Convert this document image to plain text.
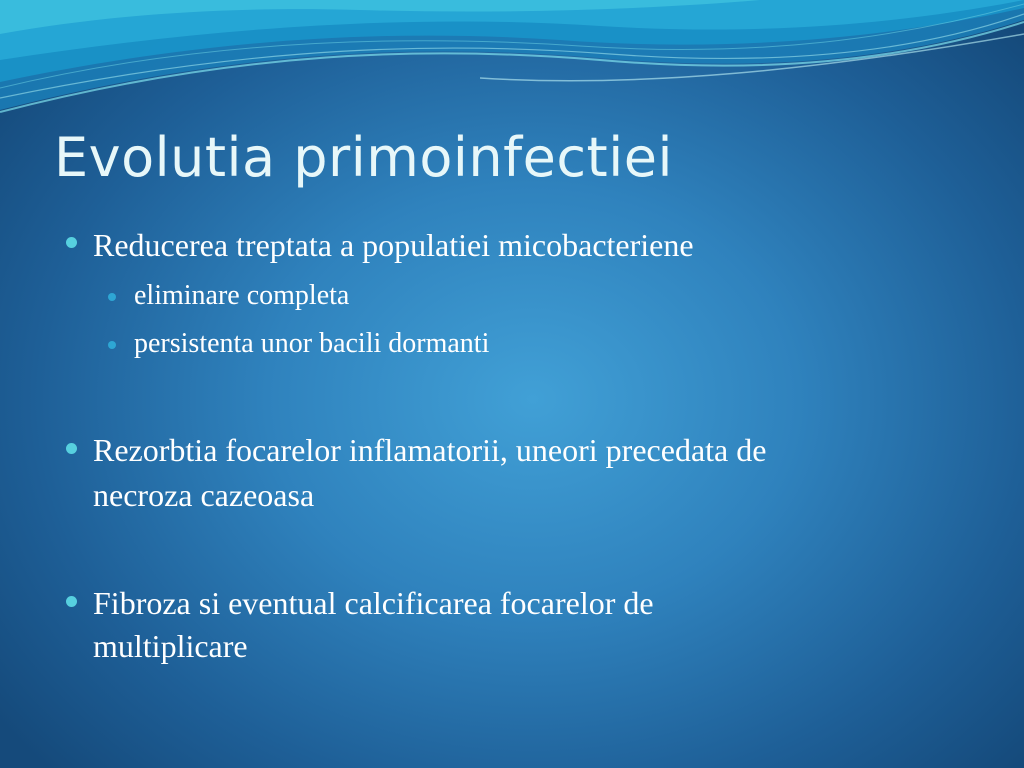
Evolutia primoinfectiei
Reducerea treptata a populatiei micobacteriene
eliminare completa
persistenta unor bacili dormanti
Rezorbtia focarelor inflamatorii, uneori precedata de
necroza cazeoasa
Fibroza si eventual calcificarea focarelor de
multiplicare
